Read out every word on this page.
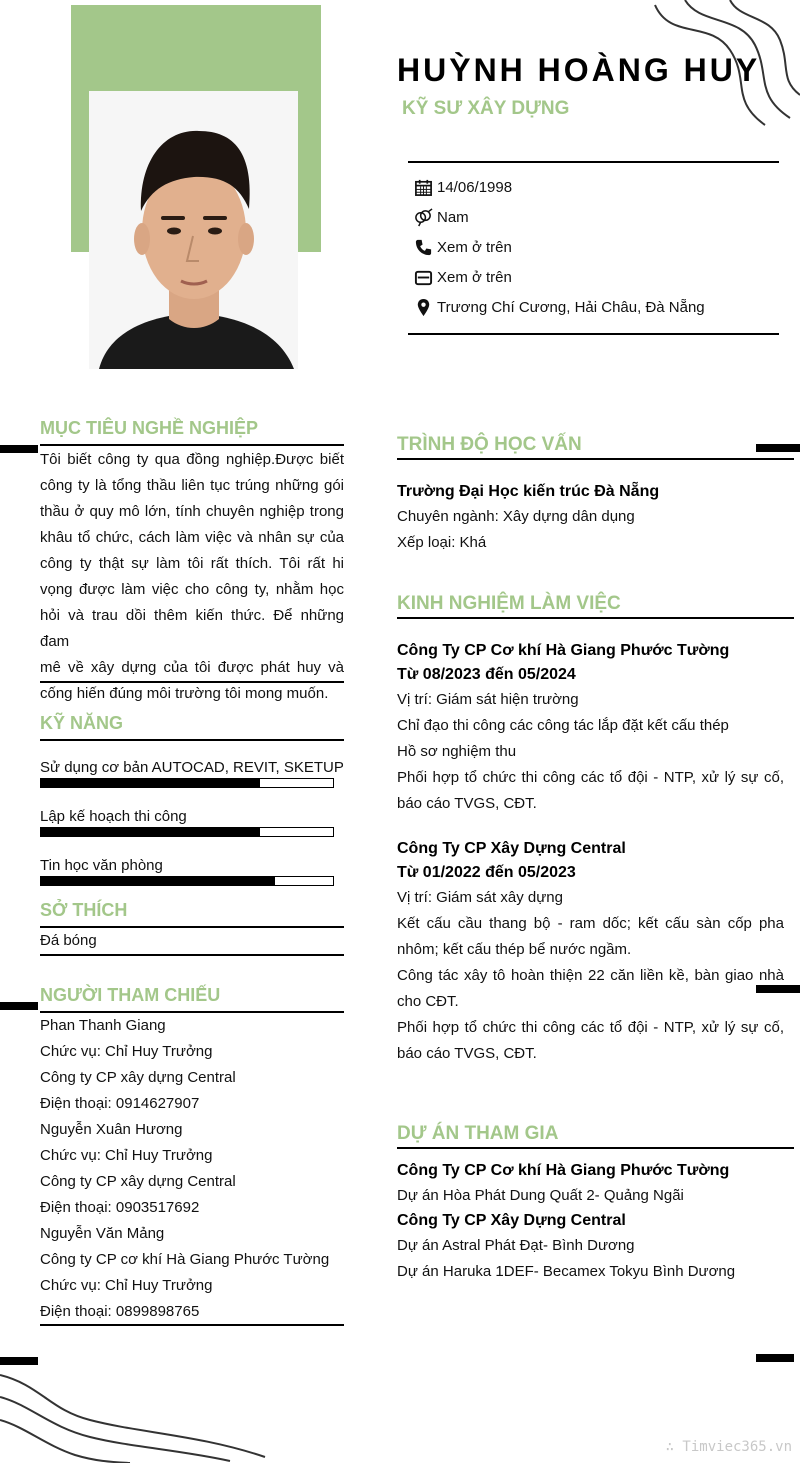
HUỲNH HOÀNG HUY
KỸ SƯ XÂY DỰNG
14/06/1998
Nam
Xem ở trên
Xem ở trên
Trương Chí Cương, Hải Châu, Đà Nẵng
MỤC TIÊU NGHỀ NGHIỆP
Tôi biết công ty qua đồng nghiệp.Được biết
công ty là tổng thầu liên tục trúng những gói
thầu ở quy mô lớn, tính chuyên nghiệp trong
khâu tổ chức, cách làm việc và nhân sự của
công ty thật sự làm tôi rất thích. Tôi rất hi
vọng được làm việc cho công ty, nhằm học
hỏi và trau dồi thêm kiến thức. Để những đam
mê về xây dựng của tôi được phát huy và
cống hiến đúng môi trường tôi mong muốn.
KỸ NĂNG
Sử dụng cơ bản AUTOCAD, REVIT, SKETUP
Lập kế hoạch thi công
Tin học văn phòng
SỞ THÍCH
Đá bóng
NGƯỜI THAM CHIẾU
Phan Thanh Giang
Chức vụ: Chỉ Huy Trưởng
Công ty CP xây dựng Central
Điện thoại: 0914627907
Nguyễn Xuân Hương
Chức vụ: Chỉ Huy Trưởng
Công ty CP xây dựng Central
Điện thoại: 0903517692
Nguyễn Văn Mảng
Công ty CP cơ khí Hà Giang Phước Tường
Chức vụ: Chỉ Huy Trưởng
Điện thoại: 0899898765
TRÌNH ĐỘ HỌC VẤN
Trường Đại Học kiến trúc Đà Nẵng
Chuyên ngành: Xây dựng dân dụng
Xếp loại: Khá
KINH NGHIỆM LÀM VIỆC
Công Ty CP Cơ khí Hà Giang Phước Tường
Từ 08/2023 đến 05/2024
Vị trí: Giám sát hiện trường
Chỉ đạo thi công các công tác lắp đặt kết cấu thép
Hồ sơ nghiệm thu
Phối hợp tổ chức thi công các tổ đội - NTP, xử lý sự cố,
báo cáo TVGS, CĐT.
Công Ty CP Xây Dựng Central
Từ 01/2022 đến 05/2023
Vị trí: Giám sát xây dựng
Kết cấu cầu thang bộ - ram dốc; kết cấu sàn cốp pha
nhôm; kết cấu thép bể nước ngầm.
Công tác xây tô hoàn thiện 22 căn liền kề, bàn giao nhà
cho CĐT.
Phối hợp tổ chức thi công các tổ đội - NTP, xử lý sự cố,
báo cáo TVGS, CĐT.
DỰ ÁN THAM GIA
Công Ty CP Cơ khí Hà Giang Phước Tường
Dự án Hòa Phát Dung Quất 2- Quảng Ngãi
Công Ty CP Xây Dựng Central
Dự án Astral Phát Đạt- Bình Dương
Dự án Haruka 1DEF- Becamex Tokyu Bình Dương
∴ Timviec365.vn
